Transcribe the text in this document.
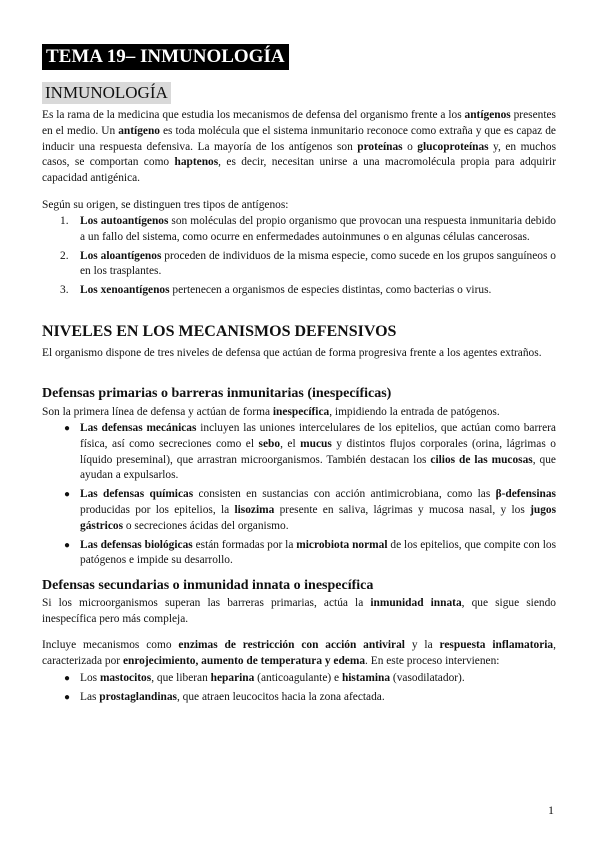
TEMA 19– INMUNOLOGÍA
INMUNOLOGÍA

Es la rama de la medicina que estudia los mecanismos de defensa del organismo frente a los antígenos presentes en el medio. Un antígeno es toda molécula que el sistema inmunitario reconoce como extraña y que es capaz de inducir una respuesta defensiva. La mayoría de los antígenos son proteínas o glucoproteínas y, en muchos casos, se comportan como haptenos, es decir, necesitan unirse a una macromolécula propia para adquirir capacidad antigénica.

Según su origen, se distinguen tres tipos de antígenos:

1. Los autoantígenos son moléculas del propio organismo que provocan una respuesta inmunitaria debido a un fallo del sistema, como ocurre en enfermedades autoinmunes o en algunas células cancerosas.
2. Los aloantígenos proceden de individuos de la misma especie, como sucede en los grupos sanguíneos o en los trasplantes.
3. Los xenoantígenos pertenecen a organismos de especies distintas, como bacterias o virus.
NIVELES EN LOS MECANISMOS DEFENSIVOS

El organismo dispone de tres niveles de defensa que actúan de forma progresiva frente a los agentes extraños.

Defensas primarias o barreras inmunitarias (inespecíficas)

Son la primera línea de defensa y actúan de forma inespecífica, impidiendo la entrada de patógenos.

● Las defensas mecánicas incluyen las uniones intercelulares de los epitelios, que actúan como barrera física, así como secreciones como el sebo, el mucus y distintos flujos corporales (orina, lágrimas o líquido preseminal), que arrastran microorganismos. También destacan los cilios de las mucosas, que ayudan a expulsarlos.
● Las defensas químicas consisten en sustancias con acción antimicrobiana, como las β-defensinas producidas por los epitelios, la lisozima presente en saliva, lágrimas y mucosa nasal, y los jugos gástricos o secreciones ácidas del organismo.
● Las defensas biológicas están formadas por la microbiota normal de los epitelios, que compite con los patógenos e impide su desarrollo.
Defensas secundarias o inmunidad innata o inespecífica

Si los microorganismos superan las barreras primarias, actúa la inmunidad innata, que sigue siendo inespecífica pero más compleja.

Incluye mecanismos como enzimas de restricción con acción antiviral y la respuesta inflamatoria, caracterizada por enrojecimiento, aumento de temperatura y edema. En este proceso intervienen:

● Los mastocitos, que liberan heparina (anticoagulante) e histamina (vasodilatador).
● Las prostaglandinas, que atraen leucocitos hacia la zona afectada.
1
